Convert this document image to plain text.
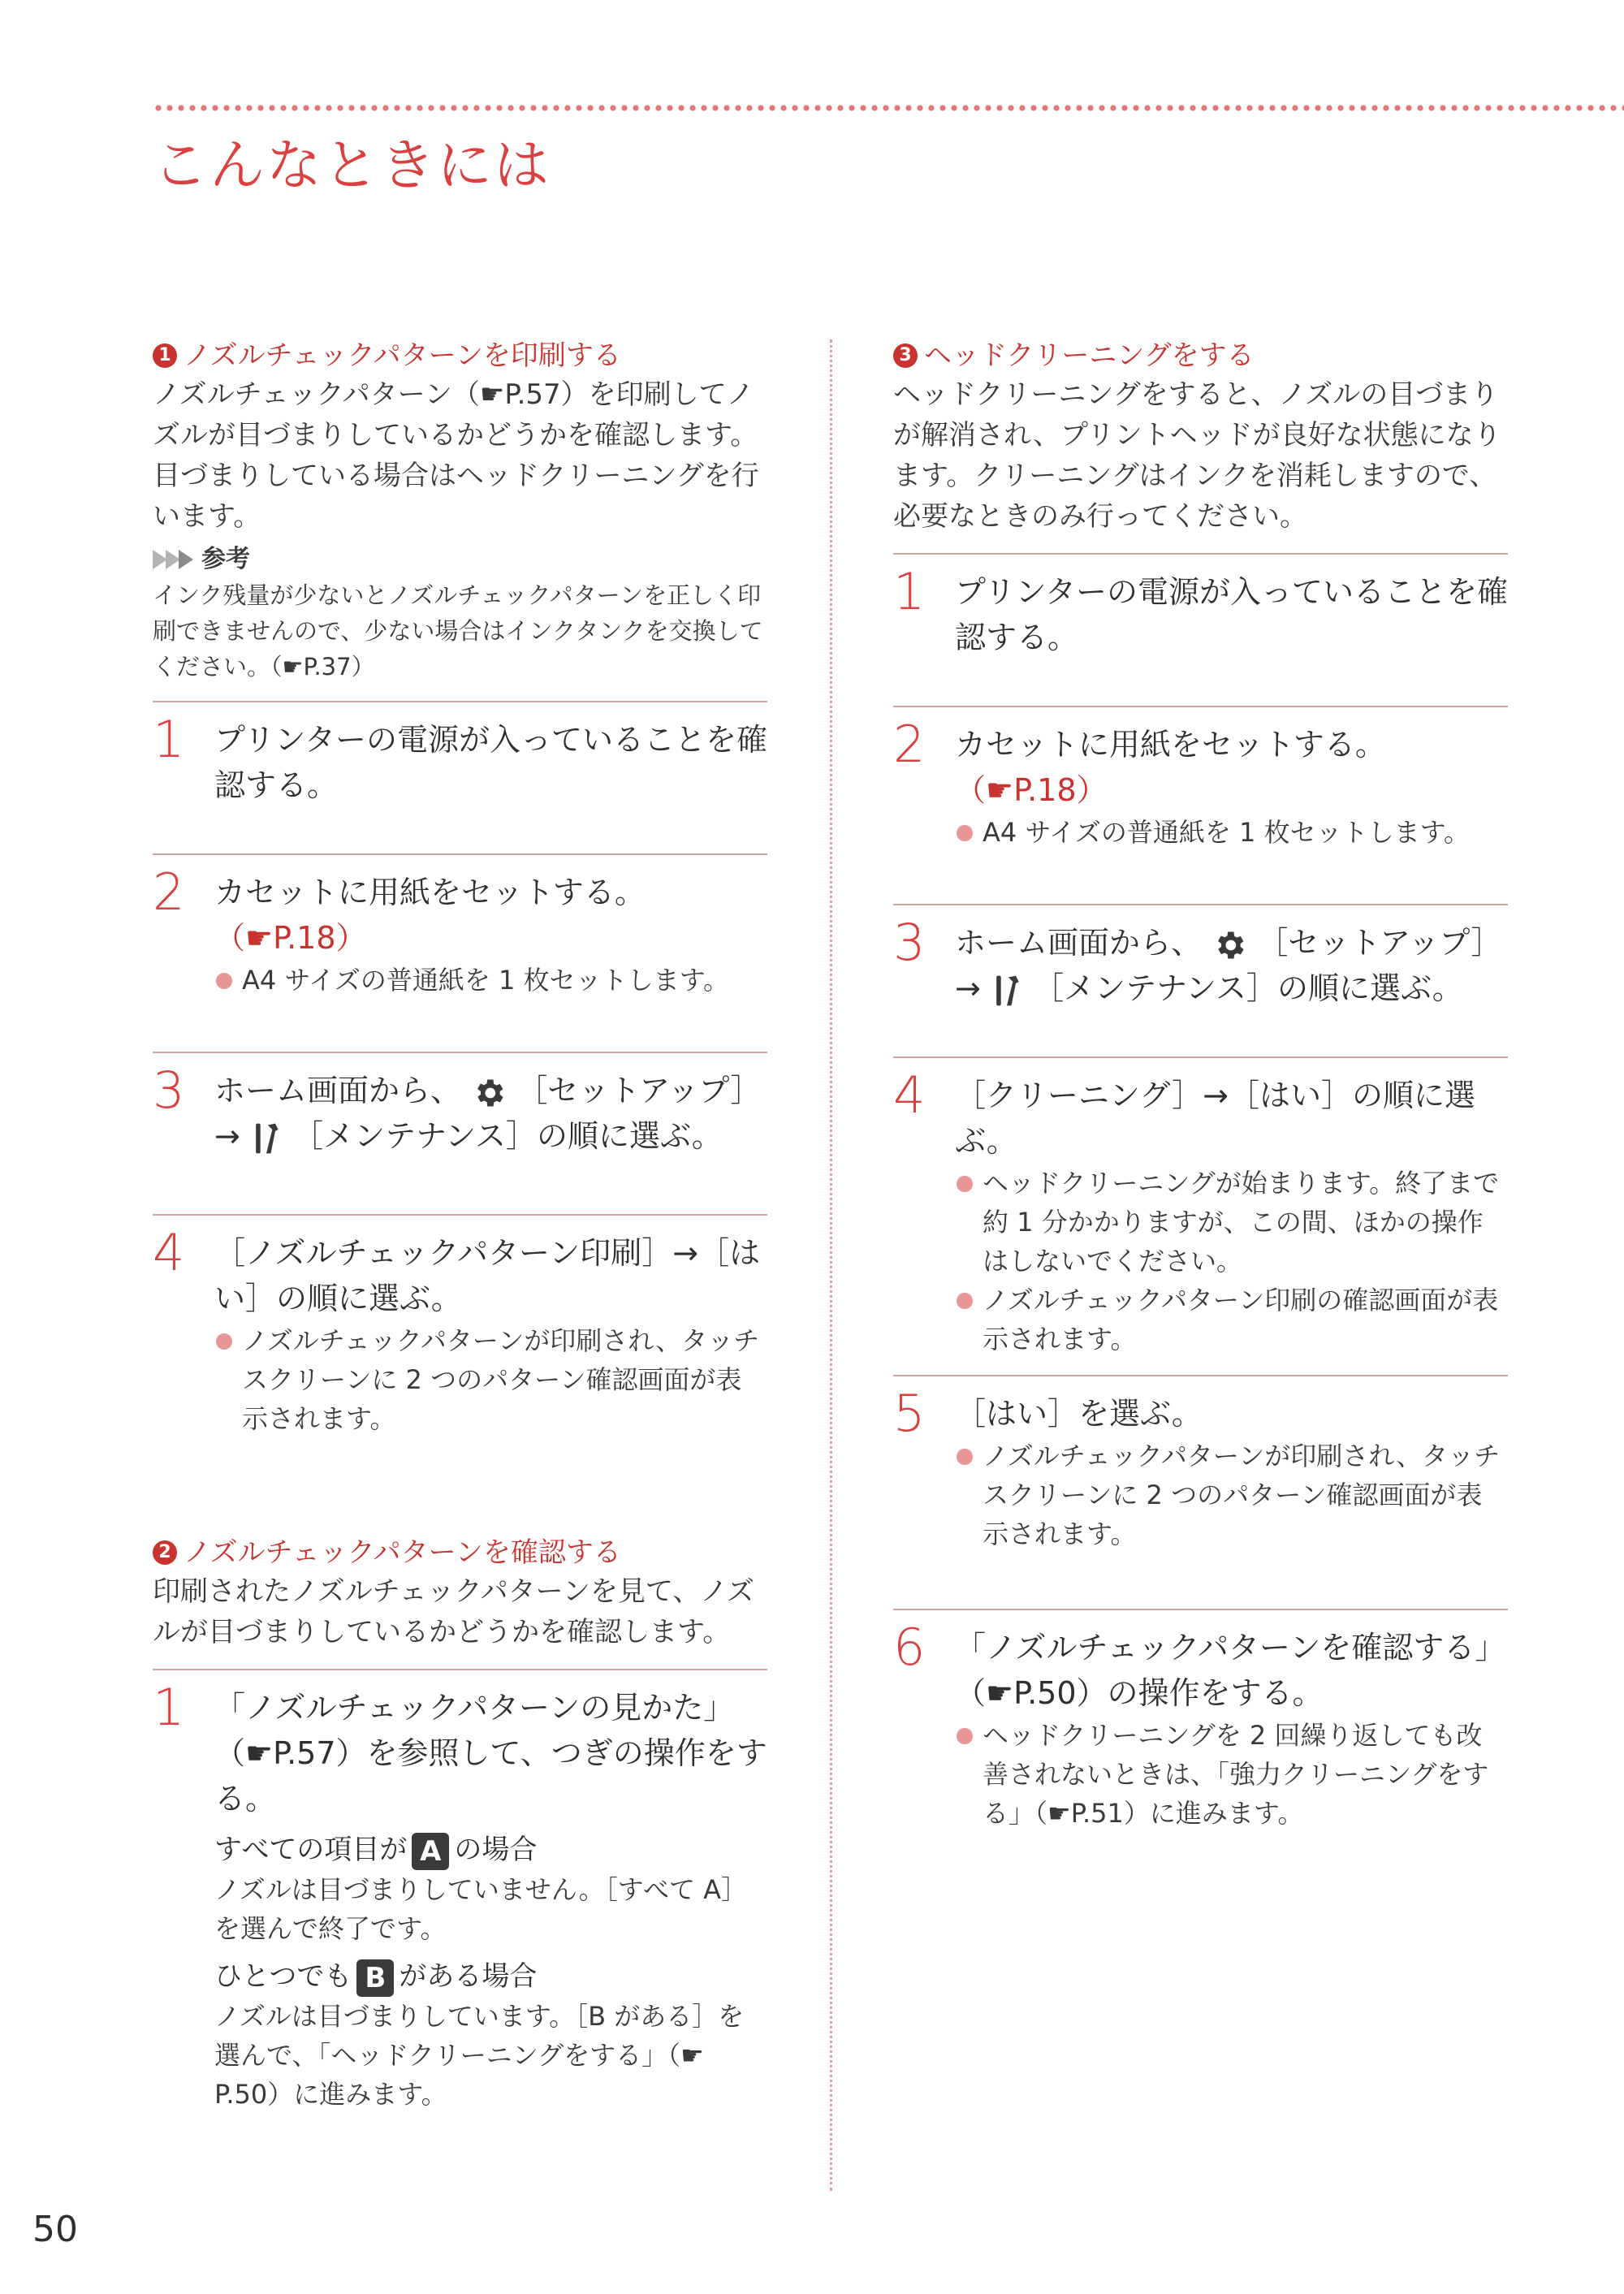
こんなときには
1 ノズルチェックパターンを印刷する
ノズルチェックパターン（☛P.57）を印刷してノズルが目づまりしているかどうかを確認します。目づまりしている場合はヘッドクリーニングを行います。
参考
インク残量が少ないとノズルチェックパターンを正しく印刷できませんので、少ない場合はインクタンクを交換してください。（☛P.37）
1 プリンターの電源が入っていることを確認する。
2 カセットに用紙をセットする。
（☛P.18）
A4 サイズの普通紙を 1 枚セットします。
3 ホーム画面から、 ［セットアップ］
→ ［メンテナンス］の順に選ぶ。
4 ［ノズルチェックパターン印刷］→［はい］の順に選ぶ。
ノズルチェックパターンが印刷され、タッチスクリーンに 2 つのパターン確認画面が表示されます。
2 ノズルチェックパターンを確認する
印刷されたノズルチェックパターンを見て、ノズルが目づまりしているかどうかを確認します。
1 「ノズルチェックパターンの見かた」（☛P.57）を参照して、つぎの操作をする。
すべての項目が A の場合
ノズルは目づまりしていません。［すべて A］を選んで終了です。
ひとつでも B がある場合
ノズルは目づまりしています。［B がある］を選んで、「ヘッドクリーニングをする」（☛P.50）に進みます。
3 ヘッドクリーニングをする
ヘッドクリーニングをすると、ノズルの目づまりが解消され、プリントヘッドが良好な状態になります。クリーニングはインクを消耗しますので、必要なときのみ行ってください。
1 プリンターの電源が入っていることを確認する。
2 カセットに用紙をセットする。
（☛P.18）
A4 サイズの普通紙を 1 枚セットします。
3 ホーム画面から、 ［セットアップ］
→ ［メンテナンス］の順に選ぶ。
4 ［クリーニング］→［はい］の順に選ぶ。
ヘッドクリーニングが始まります。終了まで約 1 分かかりますが、この間、ほかの操作はしないでください。
ノズルチェックパターン印刷の確認画面が表示されます。
5 ［はい］を選ぶ。
ノズルチェックパターンが印刷され、タッチスクリーンに 2 つのパターン確認画面が表示されます。
6 「ノズルチェックパターンを確認する」（☛P.50）の操作をする。
ヘッドクリーニングを 2 回繰り返しても改善されないときは、「強力クリーニングをする」（☛P.51）に進みます。
50
